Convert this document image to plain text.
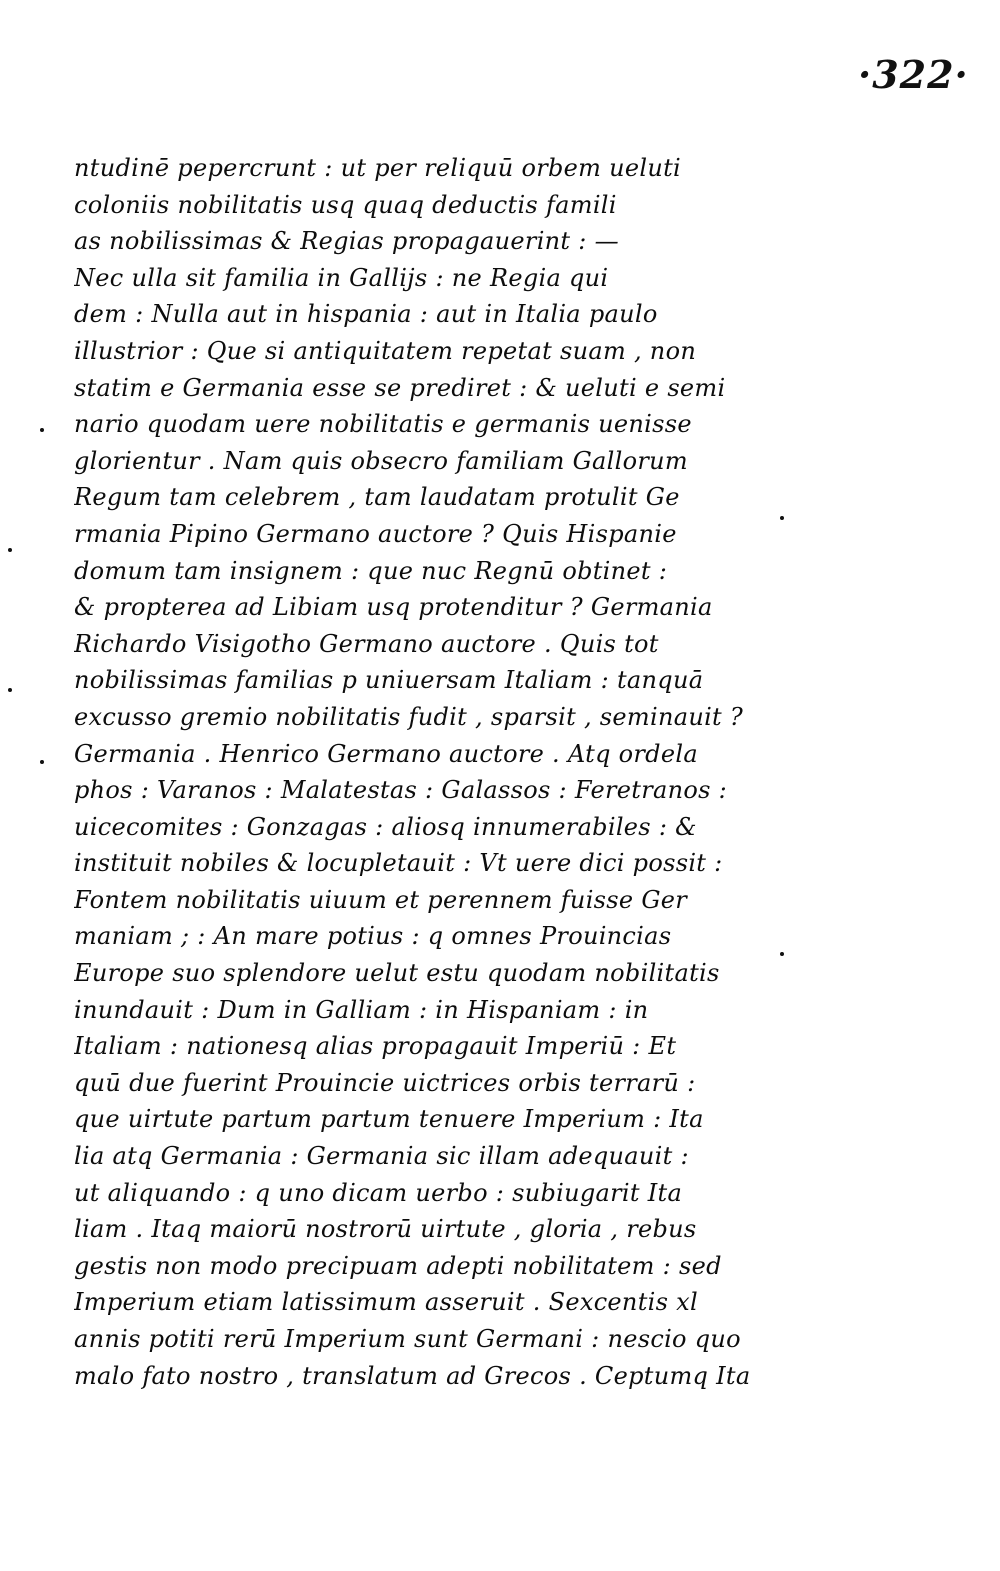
·322·
ntudinē pepercrunt : ut per reliquū orbem ueluti
coloniis nobilitatis usq quaq deductis famili
as nobilissimas & Regias propagauerint : —
Nec ulla sit familia in Gallijs : ne Regia qui
dem : Nulla aut in hispania : aut in Italia paulo
illustrior : Que si antiquitatem repetat suam , non
statim e Germania esse se prediret : & ueluti e semi
nario quodam uere nobilitatis e germanis uenisse
glorientur . Nam quis obsecro familiam Gallorum
Regum tam celebrem , tam laudatam protulit Ge
rmania Pipino Germano auctore ? Quis Hispanie
domum tam insignem : que nuc Regnū obtinet :
& propterea ad Libiam usq protenditur ? Germania
Richardo Visigotho Germano auctore . Quis tot
nobilissimas familias p uniuersam Italiam : tanquā
excusso gremio nobilitatis fudit , sparsit , seminauit ?
Germania . Henrico Germano auctore . Atq ordela
phos : Varanos : Malatestas : Galassos : Feretranos :
uicecomites : Gonzagas : aliosq innumerabiles : &
instituit nobiles & locupletauit : Vt uere dici possit :
Fontem nobilitatis uiuum et perennem fuisse Ger
maniam ; : An mare potius : q omnes Prouincias
Europe suo splendore uelut estu quodam nobilitatis
inundauit : Dum in Galliam : in Hispaniam : in
Italiam : nationesq alias propagauit Imperiū : Et
quū due fuerint Prouincie uictrices orbis terrarū :
que uirtute partum partum tenuere Imperium : Ita
lia atq Germania : Germania sic illam adequauit :
ut aliquando : q uno dicam uerbo : subiugarit Ita
liam . Itaq maiorū nostrorū uirtute , gloria , rebus
gestis non modo precipuam adepti nobilitatem : sed
Imperium etiam latissimum asseruit . Sexcentis xl
annis potiti rerū Imperium sunt Germani : nescio quo
malo fato nostro , translatum ad Grecos . Ceptumq Ita
